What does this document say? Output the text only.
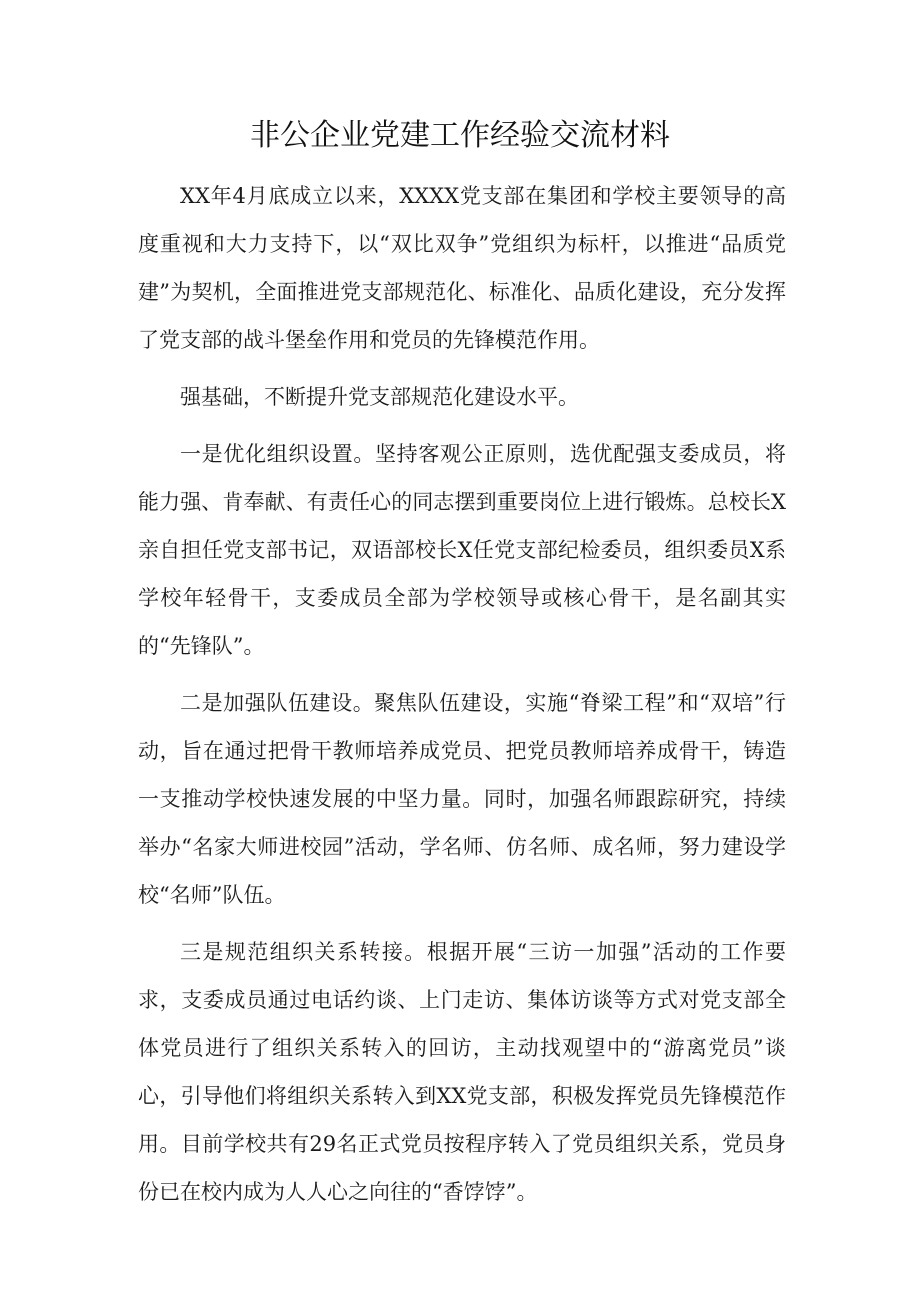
非公企业党建工作经验交流材料

XX年4月底成立以来，XXXX党支部在集团和学校主要领导的高度重视和大力支持下，以“双比双争”党组织为标杆，以推进“品质党建”为契机，全面推进党支部规范化、标准化、品质化建设，充分发挥了党支部的战斗堡垒作用和党员的先锋模范作用。

强基础，不断提升党支部规范化建设水平。

一是优化组织设置。坚持客观公正原则，选优配强支委成员，将能力强、肯奉献、有责任心的同志摆到重要岗位上进行锻炼。总校长X亲自担任党支部书记，双语部校长X任党支部纪检委员，组织委员X系学校年轻骨干，支委成员全部为学校领导或核心骨干，是名副其实的“先锋队”。

二是加强队伍建设。聚焦队伍建设，实施“脊梁工程”和“双培”行动，旨在通过把骨干教师培养成党员、把党员教师培养成骨干，铸造一支推动学校快速发展的中坚力量。同时，加强名师跟踪研究，持续举办“名家大师进校园”活动，学名师、仿名师、成名师，努力建设学校“名师”队伍。

三是规范组织关系转接。根据开展“三访一加强”活动的工作要求，支委成员通过电话约谈、上门走访、集体访谈等方式对党支部全体党员进行了组织关系转入的回访，主动找观望中的“游离党员”谈心，引导他们将组织关系转入到XX党支部，积极发挥党员先锋模范作用。目前学校共有29名正式党员按程序转入了党员组织关系，党员身份已在校内成为人人心之向往的“香饽饽”。
